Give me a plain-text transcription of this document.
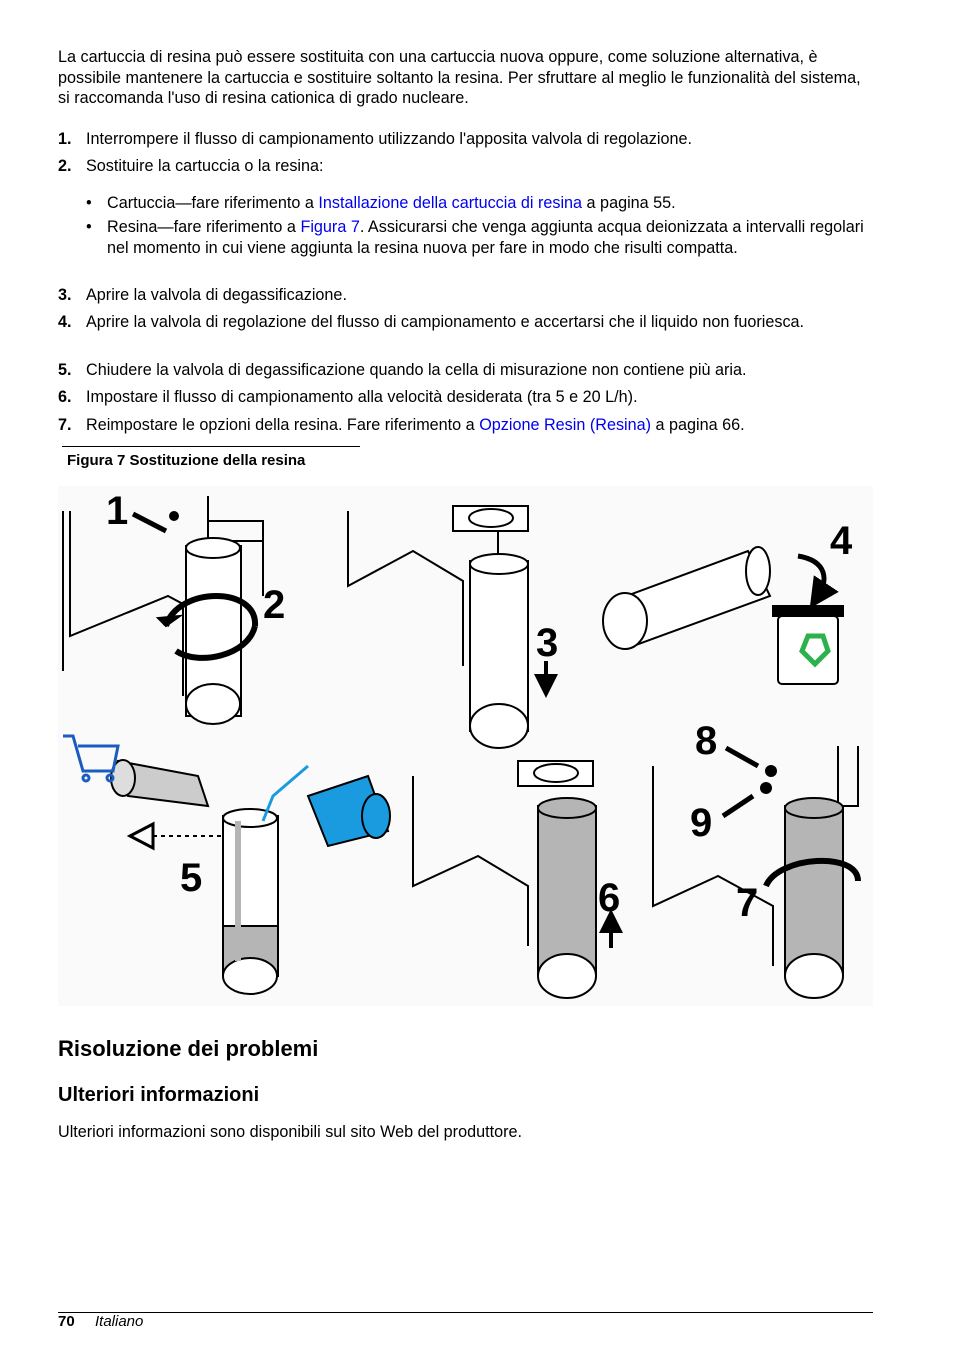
La cartuccia di resina può essere sostituita con una cartuccia nuova oppure, come soluzione alternativa, è possibile mantenere la cartuccia e sostituire soltanto la resina. Per sfruttare al meglio le funzionalità del sistema, si raccomanda l'uso di resina cationica di grado nucleare.

1. Interrompere il flusso di campionamento utilizzando l'apposita valvola di regolazione.
2. Sostituire la cartuccia o la resina:
• Cartuccia—fare riferimento a Installazione della cartuccia di resina a pagina 55.
• Resina—fare riferimento a Figura 7. Assicurarsi che venga aggiunta acqua deionizzata a intervalli regolari nel momento in cui viene aggiunta la resina nuova per fare in modo che risulti compatta.
3. Aprire la valvola di degassificazione.
4. Aprire la valvola di regolazione del flusso di campionamento e accertarsi che il liquido non fuoriesca.
5. Chiudere la valvola di degassificazione quando la cella di misurazione non contiene più aria.
6. Impostare il flusso di campionamento alla velocità desiderata (tra 5 e 20 L/h).
7. Reimpostare le opzioni della resina. Fare riferimento a Opzione Resin (Resina) a pagina 66.
Figura 7 Sostituzione della resina
1
2
3
4
5	6
8
9
7
Risoluzione dei problemi
Ulteriori informazioni

Ulteriori informazioni sono disponibili sul sito Web del produttore.

70 Italiano
